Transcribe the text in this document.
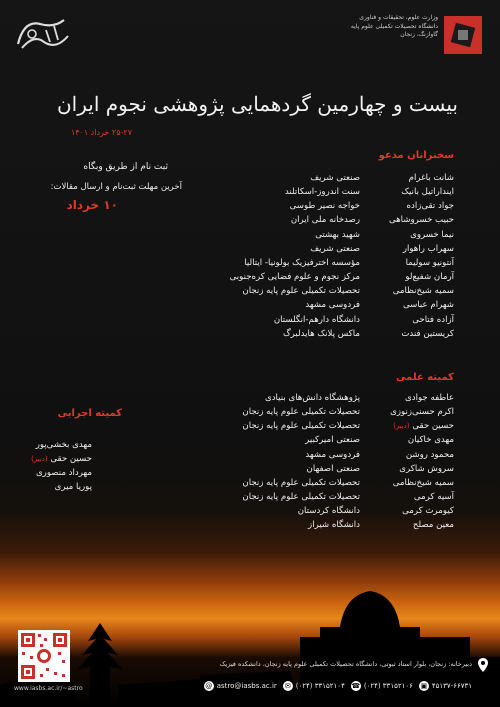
وزارت علوم، تحقیقات و فناوری
دانشگاه تحصیلات تکمیلی علوم پایه
گاوازنگ، زنجان
بیست و چهارمین گردهمایی پژوهشی نجوم ایران
۲۵-۲۷ خرداد ۱۴۰۱
ثبت نام از طریق وبگاه
آخرین مهلت ثبت‌نام و ارسال مقالات:
۱۰ خرداد
سخنرانان مدعو
شانت باغرام
اینداراتیل بانیک
جواد تقی‌زاده
حبیب خسروشاهی
نیما خسروی
سهراب راهوار
آنتونیو سولیما
آرمان شفیع‌لو
سمیه شیخ‌نظامی
شهرام عباسی
آزاده فتاحی
کریستین فندت
صنعتی شریف
سنت اندروز-اسکاتلند
خواجه نصیر طوسی
رصدخانه ملی ایران
شهید بهشتی
صنعتی شریف
مؤسسه اخترفیزیک بولونیا- ایتالیا
مرکز نجوم و علوم فضایی کره‌جنوبی
تحصیلات تکمیلی علوم پایه زنجان
فردوسی مشهد
دانشگاه دارهم-انگلستان
ماکس پلانک هایدلبرگ
کمیته علمی
عاطفه جوادی
اکرم حسنی‌زنوزی
حسین حقی (دبیر)
مهدی خاکیان
محمود روشن
سروش شاکری
سمیه شیخ‌نظامی
آسیه کرمی
کیومرث کرمی
معین مصلح
پژوهشگاه دانش‌های بنیادی
تحصیلات تکمیلی علوم پایه زنجان
تحصیلات تکمیلی علوم پایه زنجان
صنعتی امیرکبیر
فردوسی مشهد
صنعتی اصفهان
تحصیلات تکمیلی علوم پایه زنجان
تحصیلات تکمیلی علوم پایه زنجان
دانشگاه کردستان
دانشگاه شیراز
کمیته اجرایی
مهدی بخشی‌پور
حسین حقی (دبیر)
مهرداد منصوری
پوریا میری
www.iasbs.ac.ir/~astro
دبیرخانه: زنجان، بلوار استاد ثبوتی، دانشگاه تحصیلات تکمیلی علوم پایه زنجان، دانشکده فیزیک
@ astro@iasbs.ac.ir ✉ (۰۲۴) ۳۳۱۵۲۱۰۴ ☎ (۰۲۴) ۳۳۱۵۲۱۰۶ ▣ ۴۵۱۳۷-۶۶۷۳۱
